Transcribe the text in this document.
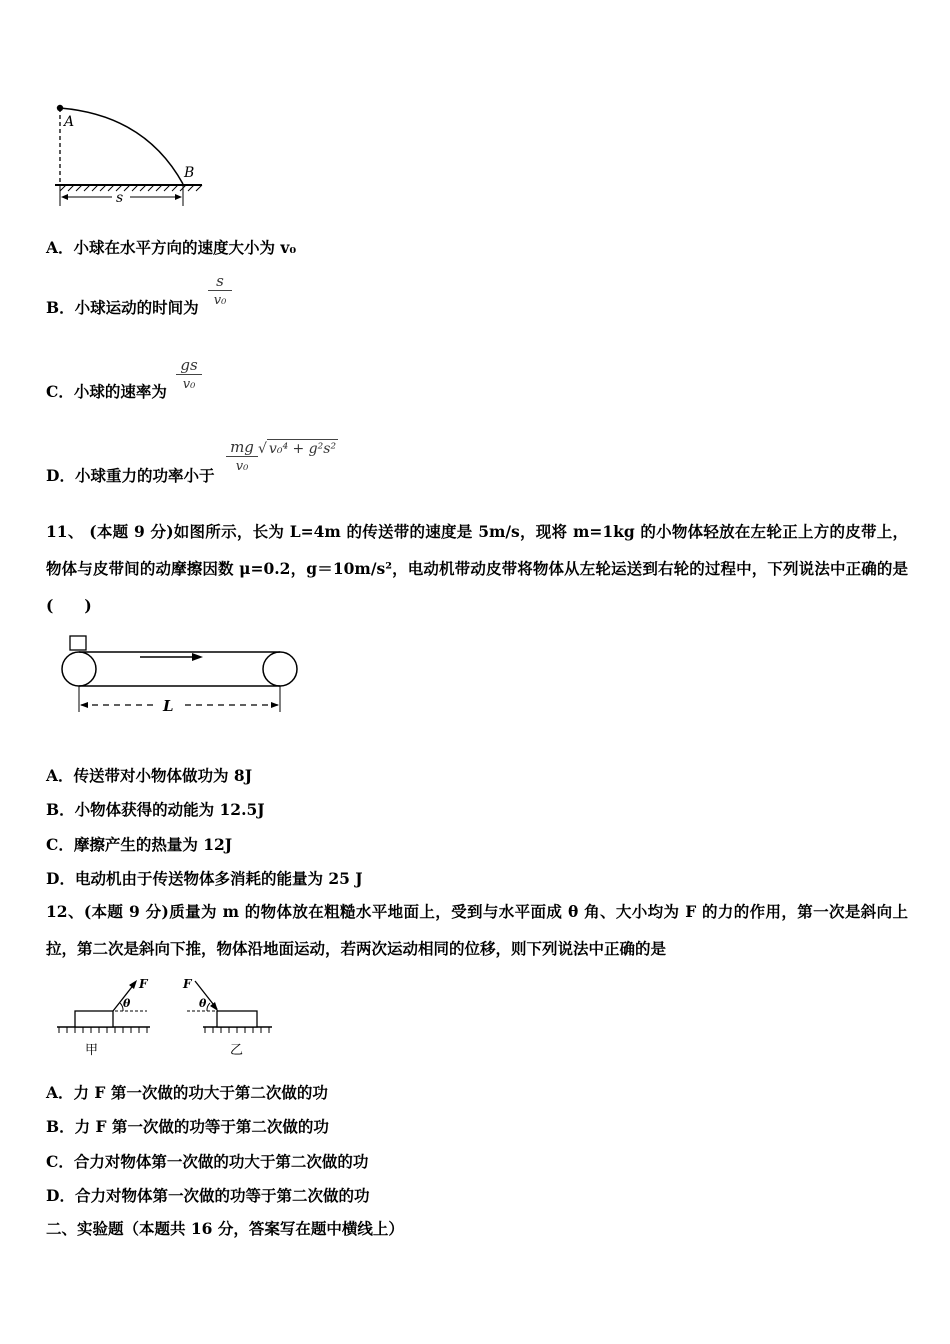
A
B
s
A．小球在水平方向的速度大小为 v₀
B．小球运动的时间为 $\frac{s}{\text{v₀}}$
C．小球的速率为 $\frac{gs}{\text{v₀}}$
D．小球重力的功率小于
$\frac{mg}{\text{v₀}}$ √ v₀⁴ + g²s²
11、 (本题 9 分)如图所示，长为 L=4m 的传送带的速度是 5m/s，现将 m=1kg 的小物体轻放在左轮正上方的皮带上，物体与皮带间的动摩擦因数 μ=0.2，g＝10m/s²，电动机带动皮带将物体从左轮运送到右轮的过程中，下列说法中正确的是(　　)
L
A．传送带对小物体做功为 8J
B．小物体获得的动能为 12.5J
C．摩擦产生的热量为 12J
D．电动机由于传送物体多消耗的能量为 25 J
12、(本题 9 分)质量为 m 的物体放在粗糙水平地面上，受到与水平面成 θ 角、大小均为 F 的力的作用，第一次是斜向上拉，第二次是斜向下推，物体沿地面运动，若两次运动相同的位移，则下列说法中正确的是
F
θ
甲
F
θ
乙
A．力 F 第一次做的功大于第二次做的功
B．力 F 第一次做的功等于第二次做的功
C．合力对物体第一次做的功大于第二次做的功
D．合力对物体第一次做的功等于第二次做的功
二、实验题（本题共 16 分，答案写在题中横线上）
